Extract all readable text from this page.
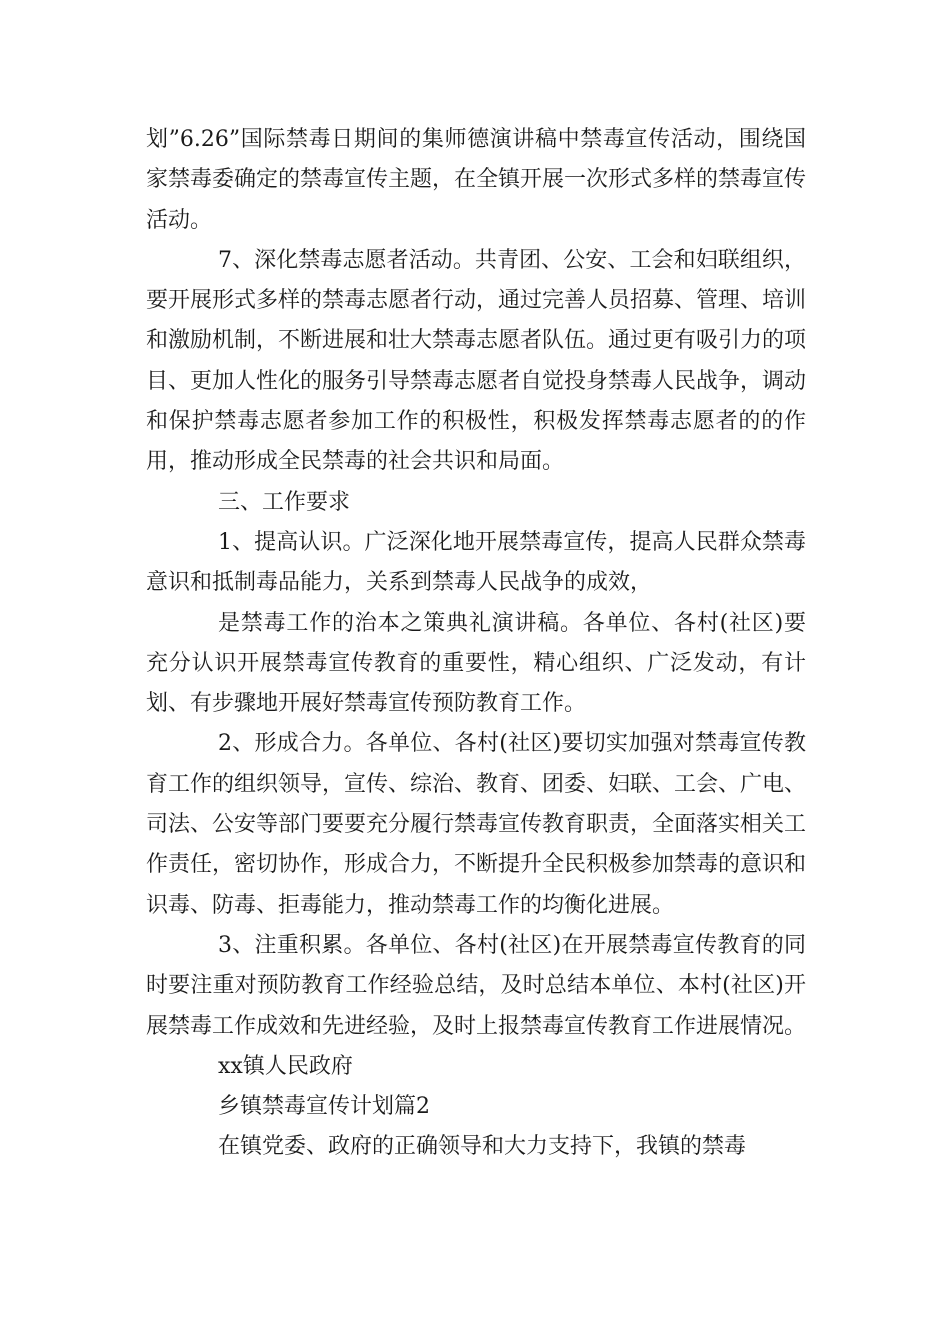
划”6.26”国际禁毒日期间的集师德演讲稿中禁毒宣传活动，围绕国家禁毒委确定的禁毒宣传主题，在全镇开展一次形式多样的禁毒宣传活动。

7、深化禁毒志愿者活动。共青团、公安、工会和妇联组织，要开展形式多样的禁毒志愿者行动，通过完善人员招募、管理、培训和激励机制，不断进展和壮大禁毒志愿者队伍。通过更有吸引力的项目、更加人性化的服务引导禁毒志愿者自觉投身禁毒人民战争，调动和保护禁毒志愿者参加工作的积极性，积极发挥禁毒志愿者的的作用，推动形成全民禁毒的社会共识和局面。

三、工作要求

1、提高认识。广泛深化地开展禁毒宣传，提高人民群众禁毒意识和抵制毒品能力，关系到禁毒人民战争的成效，

是禁毒工作的治本之策典礼演讲稿。各单位、各村(社区)要充分认识开展禁毒宣传教育的重要性，精心组织、广泛发动，有计划、有步骤地开展好禁毒宣传预防教育工作。

2、形成合力。各单位、各村(社区)要切实加强对禁毒宣传教育工作的组织领导，宣传、综治、教育、团委、妇联、工会、广电、司法、公安等部门要要充分履行禁毒宣传教育职责，全面落实相关工作责任，密切协作，形成合力，不断提升全民积极参加禁毒的意识和识毒、防毒、拒毒能力，推动禁毒工作的均衡化进展。

3、注重积累。各单位、各村(社区)在开展禁毒宣传教育的同时要注重对预防教育工作经验总结，及时总结本单位、本村(社区)开展禁毒工作成效和先进经验，及时上报禁毒宣传教育工作进展情况。

xx镇人民政府

乡镇禁毒宣传计划篇2

在镇党委、政府的正确领导和大力支持下，我镇的禁毒
